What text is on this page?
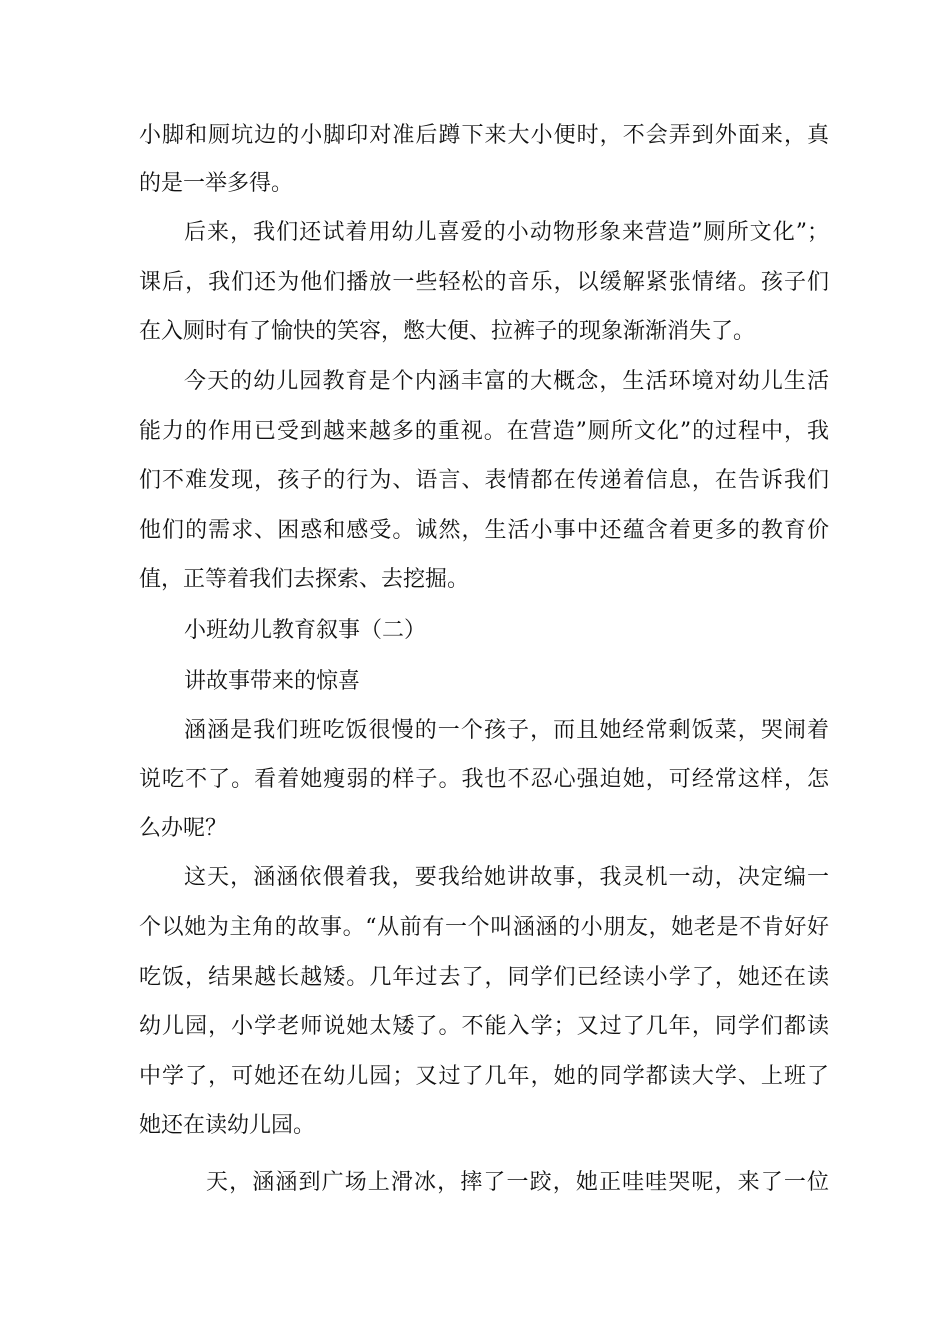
小脚和厕坑边的小脚印对准后蹲下来大小便时，不会弄到外面来，真
的是一举多得。
后来，我们还试着用幼儿喜爱的小动物形象来营造”厕所文化”；
课后，我们还为他们播放一些轻松的音乐，以缓解紧张情绪。孩子们
在入厕时有了愉快的笑容，憋大便、拉裤子的现象渐渐消失了。
今天的幼儿园教育是个内涵丰富的大概念，生活环境对幼儿生活
能力的作用已受到越来越多的重视。在营造”厕所文化”的过程中，我
们不难发现，孩子的行为、语言、表情都在传递着信息，在告诉我们
他们的需求、困惑和感受。诚然，生活小事中还蕴含着更多的教育价
值，正等着我们去探索、去挖掘。
小班幼儿教育叙事（二）
讲故事带来的惊喜
涵涵是我们班吃饭很慢的一个孩子，而且她经常剩饭菜，哭闹着
说吃不了。看着她瘦弱的样子。我也不忍心强迫她，可经常这样，怎
么办呢？
这天，涵涵依偎着我，要我给她讲故事，我灵机一动，决定编一
个以她为主角的故事。“从前有一个叫涵涵的小朋友，她老是不肯好好
吃饭，结果越长越矮。几年过去了，同学们已经读小学了，她还在读
幼儿园，小学老师说她太矮了。不能入学；又过了几年，同学们都读
中学了，可她还在幼儿园；又过了几年，她的同学都读大学、上班了
她还在读幼儿园。
天，涵涵到广场上滑冰，摔了一跤，她正哇哇哭呢，来了一位
